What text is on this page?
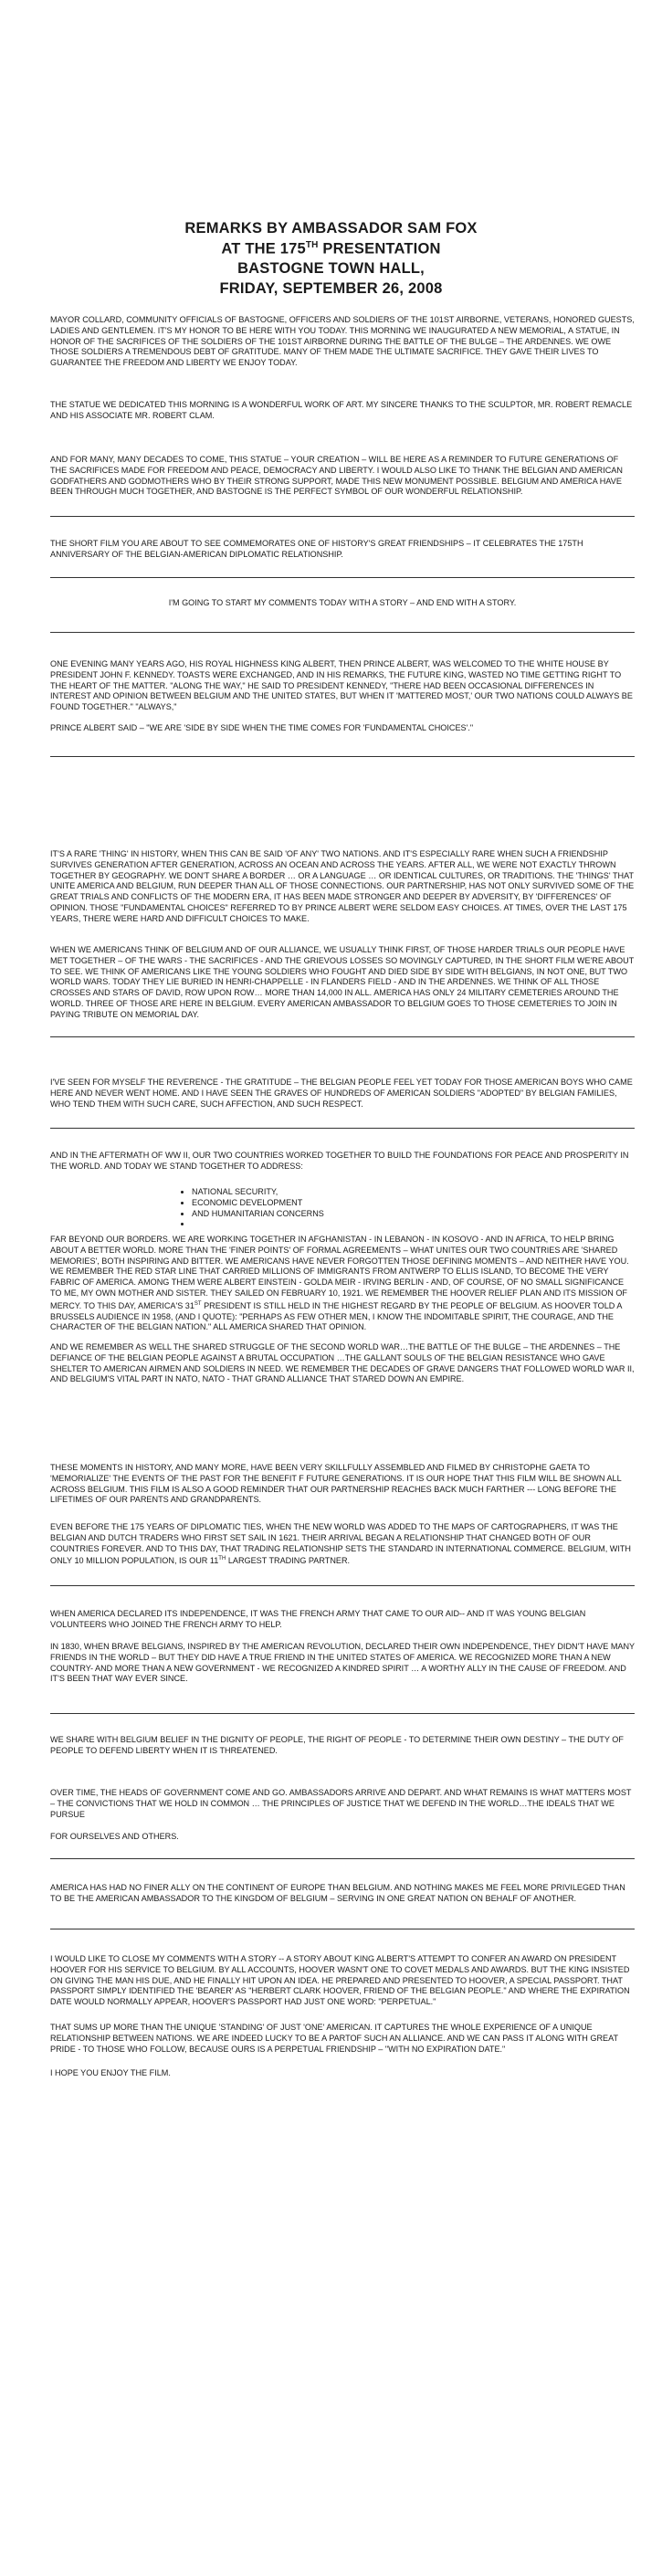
REMARKS BY AMBASSADOR SAM FOX
AT THE 175TH PRESENTATION
BASTOGNE TOWN HALL,
FRIDAY, SEPTEMBER 26, 2008
MAYOR COLLARD, COMMUNITY OFFICIALS OF BASTOGNE, OFFICERS AND SOLDIERS OF THE 101ST AIRBORNE, VETERANS, HONORED GUESTS, LADIES AND GENTLEMEN. IT'S MY HONOR TO BE HERE WITH YOU TODAY. THIS MORNING WE INAUGURATED A NEW MEMORIAL, A STATUE, IN HONOR OF THE SACRIFICES OF THE SOLDIERS OF THE 101ST AIRBORNE DURING THE BATTLE OF THE BULGE – THE ARDENNES. WE OWE THOSE SOLDIERS A TREMENDOUS DEBT OF GRATITUDE. MANY OF THEM MADE THE ULTIMATE SACRIFICE. THEY GAVE THEIR LIVES TO GUARANTEE THE FREEDOM AND LIBERTY WE ENJOY TODAY.
THE STATUE WE DEDICATED THIS MORNING IS A WONDERFUL WORK OF ART. MY SINCERE THANKS TO THE SCULPTOR, MR. ROBERT REMACLE AND HIS ASSOCIATE MR. ROBERT CLAM.
AND FOR MANY, MANY DECADES TO COME, THIS STATUE – YOUR CREATION – WILL BE HERE AS A REMINDER TO FUTURE GENERATIONS OF THE SACRIFICES MADE FOR FREEDOM AND PEACE, DEMOCRACY AND LIBERTY. I WOULD ALSO LIKE TO THANK THE BELGIAN AND AMERICAN GODFATHERS AND GODMOTHERS WHO BY THEIR STRONG SUPPORT, MADE THIS NEW MONUMENT POSSIBLE. BELGIUM AND AMERICA HAVE BEEN THROUGH MUCH TOGETHER, AND BASTOGNE IS THE PERFECT SYMBOL OF OUR WONDERFUL RELATIONSHIP.
THE SHORT FILM YOU ARE ABOUT TO SEE COMMEMORATES ONE OF HISTORY'S GREAT FRIENDSHIPS – IT CELEBRATES THE 175TH ANNIVERSARY OF THE BELGIAN-AMERICAN DIPLOMATIC RELATIONSHIP.
I'M GOING TO START MY COMMENTS TODAY WITH A STORY – AND END WITH A STORY.
ONE EVENING MANY YEARS AGO, HIS ROYAL HIGHNESS KING ALBERT, THEN PRINCE ALBERT, WAS WELCOMED TO THE WHITE HOUSE BY PRESIDENT JOHN F. KENNEDY. TOASTS WERE EXCHANGED, AND IN HIS REMARKS, THE FUTURE KING, WASTED NO TIME GETTING RIGHT TO THE HEART OF THE MATTER. "ALONG THE WAY," HE SAID TO PRESIDENT KENNEDY, "THERE HAD BEEN OCCASIONAL DIFFERENCES IN INTEREST AND OPINION BETWEEN BELGIUM AND THE UNITED STATES, BUT WHEN IT 'MATTERED MOST,' OUR TWO NATIONS COULD ALWAYS BE FOUND TOGETHER." "ALWAYS,"
PRINCE ALBERT SAID – "WE ARE 'SIDE BY SIDE WHEN THE TIME COMES FOR 'FUNDAMENTAL CHOICES'."
IT'S A RARE 'THING' IN HISTORY, WHEN THIS CAN BE SAID 'OF ANY' TWO NATIONS. AND IT'S ESPECIALLY RARE WHEN SUCH A FRIENDSHIP SURVIVES GENERATION AFTER GENERATION, ACROSS AN OCEAN AND ACROSS THE YEARS. AFTER ALL, WE WERE NOT EXACTLY THROWN TOGETHER BY GEOGRAPHY. WE DON'T SHARE A BORDER … OR A LANGUAGE … OR IDENTICAL CULTURES, OR TRADITIONS. THE 'THINGS' THAT UNITE AMERICA AND BELGIUM, RUN DEEPER THAN ALL OF THOSE CONNECTIONS. OUR PARTNERSHIP, HAS NOT ONLY SURVIVED SOME OF THE GREAT TRIALS AND CONFLICTS OF THE MODERN ERA, IT HAS BEEN MADE STRONGER AND DEEPER BY ADVERSITY, BY 'DIFFERENCES' OF OPINION. THOSE "FUNDAMENTAL CHOICES" REFERRED TO BY PRINCE ALBERT WERE SELDOM EASY CHOICES. AT TIMES, OVER THE LAST 175 YEARS, THERE WERE HARD AND DIFFICULT CHOICES TO MAKE.
WHEN WE AMERICANS THINK OF BELGIUM AND OF OUR ALLIANCE, WE USUALLY THINK FIRST, OF THOSE HARDER TRIALS OUR PEOPLE HAVE MET TOGETHER – OF THE WARS - THE SACRIFICES - AND THE GRIEVOUS LOSSES SO MOVINGLY CAPTURED, IN THE SHORT FILM WE'RE ABOUT TO SEE. WE THINK OF AMERICANS LIKE THE YOUNG SOLDIERS WHO FOUGHT AND DIED SIDE BY SIDE WITH BELGIANS, IN NOT ONE, BUT TWO WORLD WARS. TODAY THEY LIE BURIED IN HENRI-CHAPPELLE - IN FLANDERS FIELD - AND IN THE ARDENNES. WE THINK OF ALL THOSE CROSSES AND STARS OF DAVID, ROW UPON ROW… MORE THAN 14,000 IN ALL. AMERICA HAS ONLY 24 MILITARY CEMETERIES AROUND THE WORLD. THREE OF THOSE ARE HERE IN BELGIUM. EVERY AMERICAN AMBASSADOR TO BELGIUM GOES TO THOSE CEMETERIES TO JOIN IN PAYING TRIBUTE ON MEMORIAL DAY.
I'VE SEEN FOR MYSELF THE REVERENCE - THE GRATITUDE – THE BELGIAN PEOPLE FEEL YET TODAY FOR THOSE AMERICAN BOYS WHO CAME HERE AND NEVER WENT HOME. AND I HAVE SEEN THE GRAVES OF HUNDREDS OF AMERICAN SOLDIERS "ADOPTED" BY BELGIAN FAMILIES, WHO TEND THEM WITH SUCH CARE, SUCH AFFECTION, AND SUCH RESPECT.
AND IN THE AFTERMATH OF WW II, OUR TWO COUNTRIES WORKED TOGETHER TO BUILD THE FOUNDATIONS FOR PEACE AND PROSPERITY IN THE WORLD. AND TODAY WE STAND TOGETHER TO ADDRESS:
• NATIONAL SECURITY,
• ECONOMIC DEVELOPMENT
• AND HUMANITARIAN CONCERNS
•
FAR BEYOND OUR BORDERS. WE ARE WORKING TOGETHER IN AFGHANISTAN - IN LEBANON - IN KOSOVO - AND IN AFRICA, TO HELP BRING ABOUT A BETTER WORLD. MORE THAN THE 'FINER POINTS' OF FORMAL AGREEMENTS – WHAT UNITES OUR TWO COUNTRIES ARE 'SHARED MEMORIES', BOTH INSPIRING AND BITTER. WE AMERICANS HAVE NEVER FORGOTTEN THOSE DEFINING MOMENTS – AND NEITHER HAVE YOU. WE REMEMBER THE RED STAR LINE THAT CARRIED MILLIONS OF IMMIGRANTS FROM ANTWERP TO ELLIS ISLAND, TO BECOME THE VERY FABRIC OF AMERICA. AMONG THEM WERE ALBERT EINSTEIN - GOLDA MEIR - IRVING BERLIN - AND, OF COURSE, OF NO SMALL SIGNIFICANCE TO ME, MY OWN MOTHER AND SISTER. THEY SAILED ON FEBRUARY 10, 1921. WE REMEMBER THE HOOVER RELIEF PLAN AND ITS MISSION OF MERCY. TO THIS DAY, AMERICA'S 31ST PRESIDENT IS STILL HELD IN THE HIGHEST REGARD BY THE PEOPLE OF BELGIUM. AS HOOVER TOLD A BRUSSELS AUDIENCE IN 1958, (AND I QUOTE): "PERHAPS AS FEW OTHER MEN, I KNOW THE INDOMITABLE SPIRIT, THE COURAGE, AND THE CHARACTER OF THE BELGIAN NATION." ALL AMERICA SHARED THAT OPINION.
AND WE REMEMBER AS WELL THE SHARED STRUGGLE OF THE SECOND WORLD WAR…THE BATTLE OF THE BULGE – THE ARDENNES – THE DEFIANCE OF THE BELGIAN PEOPLE AGAINST A BRUTAL OCCUPATION …THE GALLANT SOULS OF THE BELGIAN RESISTANCE WHO GAVE SHELTER TO AMERICAN AIRMEN AND SOLDIERS IN NEED. WE REMEMBER THE DECADES OF GRAVE DANGERS THAT FOLLOWED WORLD WAR II, AND BELGIUM'S VITAL PART IN NATO, NATO - THAT GRAND ALLIANCE THAT STARED DOWN AN EMPIRE.
THESE MOMENTS IN HISTORY, AND MANY MORE, HAVE BEEN VERY SKILLFULLY ASSEMBLED AND FILMED BY CHRISTOPHE GAETA TO 'MEMORIALIZE' THE EVENTS OF THE PAST FOR THE BENEFIT F FUTURE GENERATIONS. IT IS OUR HOPE THAT THIS FILM WILL BE SHOWN ALL ACROSS BELGIUM. THIS FILM IS ALSO A GOOD REMINDER THAT OUR PARTNERSHIP REACHES BACK MUCH FARTHER --- LONG BEFORE THE LIFETIMES OF OUR PARENTS AND GRANDPARENTS.
EVEN BEFORE THE 175 YEARS OF DIPLOMATIC TIES, WHEN THE NEW WORLD WAS ADDED TO THE MAPS OF CARTOGRAPHERS, IT WAS THE BELGIAN AND DUTCH TRADERS WHO FIRST SET SAIL IN 1621. THEIR ARRIVAL BEGAN A RELATIONSHIP THAT CHANGED BOTH OF OUR COUNTRIES FOREVER. AND TO THIS DAY, THAT TRADING RELATIONSHIP SETS THE STANDARD IN INTERNATIONAL COMMERCE. BELGIUM, WITH ONLY 10 MILLION POPULATION, IS OUR 11TH LARGEST TRADING PARTNER.
WHEN AMERICA DECLARED ITS INDEPENDENCE, IT WAS THE FRENCH ARMY THAT CAME TO OUR AID-- AND IT WAS YOUNG BELGIAN VOLUNTEERS WHO JOINED THE FRENCH ARMY TO HELP.
IN 1830, WHEN BRAVE BELGIANS, INSPIRED BY THE AMERICAN REVOLUTION, DECLARED THEIR OWN INDEPENDENCE, THEY DIDN'T HAVE MANY FRIENDS IN THE WORLD – BUT THEY DID HAVE A TRUE FRIEND IN THE UNITED STATES OF AMERICA. WE RECOGNIZED MORE THAN A NEW COUNTRY- AND MORE THAN A NEW GOVERNMENT - WE RECOGNIZED A KINDRED SPIRIT … A WORTHY ALLY IN THE CAUSE OF FREEDOM. AND IT'S BEEN THAT WAY EVER SINCE.
WE SHARE WITH BELGIUM BELIEF IN THE DIGNITY OF PEOPLE, THE RIGHT OF PEOPLE - TO DETERMINE THEIR OWN DESTINY – THE DUTY OF PEOPLE TO DEFEND LIBERTY WHEN IT IS THREATENED.
OVER TIME, THE HEADS OF GOVERNMENT COME AND GO. AMBASSADORS ARRIVE AND DEPART. AND WHAT REMAINS IS WHAT MATTERS MOST – THE CONVICTIONS THAT WE HOLD IN COMMON … THE PRINCIPLES OF JUSTICE THAT WE DEFEND IN THE WORLD…THE IDEALS THAT WE PURSUE
FOR OURSELVES AND OTHERS.
AMERICA HAS HAD NO FINER ALLY ON THE CONTINENT OF EUROPE THAN BELGIUM. AND NOTHING MAKES ME FEEL MORE PRIVILEGED THAN TO BE THE AMERICAN AMBASSADOR TO THE KINGDOM OF BELGIUM – SERVING IN ONE GREAT NATION ON BEHALF OF ANOTHER.
I WOULD LIKE TO CLOSE MY COMMENTS WITH A STORY -- A STORY ABOUT KING ALBERT'S ATTEMPT TO CONFER AN AWARD ON PRESIDENT HOOVER FOR HIS SERVICE TO BELGIUM. BY ALL ACCOUNTS, HOOVER WASN'T ONE TO COVET MEDALS AND AWARDS. BUT THE KING INSISTED ON GIVING THE MAN HIS DUE, AND HE FINALLY HIT UPON AN IDEA. HE PREPARED AND PRESENTED TO HOOVER, A SPECIAL PASSPORT. THAT PASSPORT SIMPLY IDENTIFIED THE 'BEARER' AS "HERBERT CLARK HOOVER, FRIEND OF THE BELGIAN PEOPLE." AND WHERE THE EXPIRATION DATE WOULD NORMALLY APPEAR, HOOVER'S PASSPORT HAD JUST ONE WORD: "PERPETUAL."
THAT SUMS UP MORE THAN THE UNIQUE 'STANDING' OF JUST 'ONE' AMERICAN. IT CAPTURES THE WHOLE EXPERIENCE OF A UNIQUE RELATIONSHIP BETWEEN NATIONS. WE ARE INDEED LUCKY TO BE A PARTOF SUCH AN ALLIANCE. AND WE CAN PASS IT ALONG WITH GREAT PRIDE - TO THOSE WHO FOLLOW, BECAUSE OURS IS A PERPETUAL FRIENDSHIP – "WITH NO EXPIRATION DATE."
I HOPE YOU ENJOY THE FILM.
